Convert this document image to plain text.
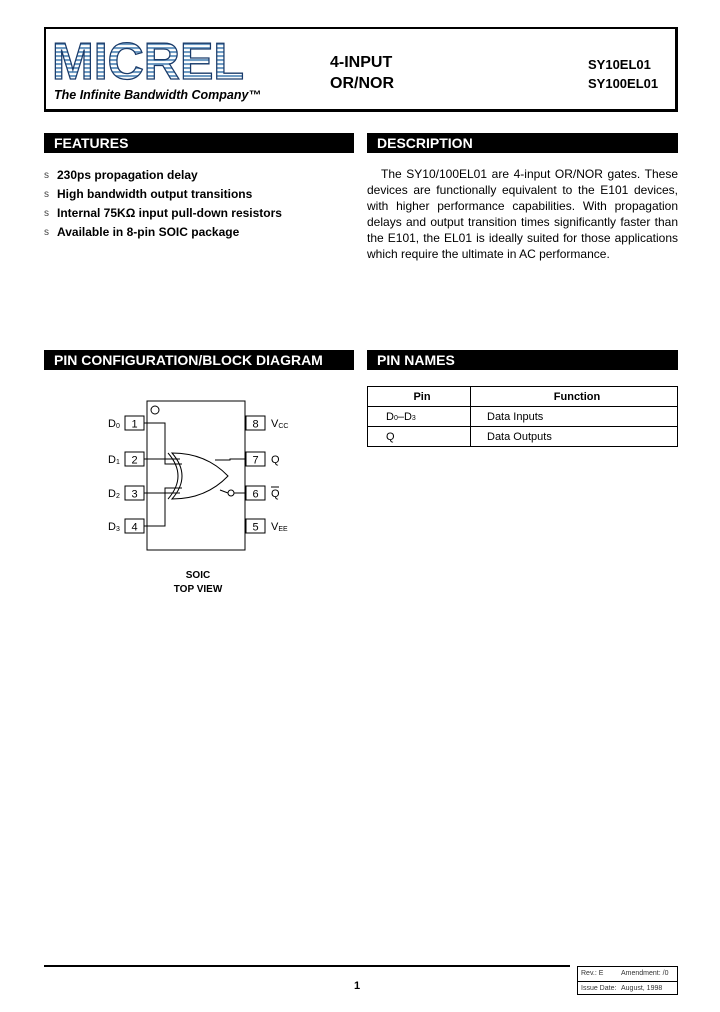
MICREL
The Infinite Bandwidth Company™
4-INPUT
OR/NOR
SY10EL01
SY100EL01
FEATURES
s 230ps propagation delay
s High bandwidth output transitions
s Internal 75KΩ input pull-down resistors
s Available in 8-pin SOIC package
DESCRIPTION
The SY10/100EL01 are 4-input OR/NOR gates. These devices are functionally equivalent to the E101 devices, with higher performance capabilities. With propagation delays and output transition times significantly faster than the E101, the EL01 is ideally suited for those applications which require the ultimate in AC performance.
PIN CONFIGURATION/BLOCK DIAGRAM
1
2
3
4
8
7
6
5
D0
D1
D2
D3
VCC
Q
Q
VEE
SOIC
TOP VIEW
PIN NAMES
Pin	Function
D0–D3	Data Inputs
Q	Data Outputs
1
Rev.: E	Amendment: /0
Issue Date: August, 1998
